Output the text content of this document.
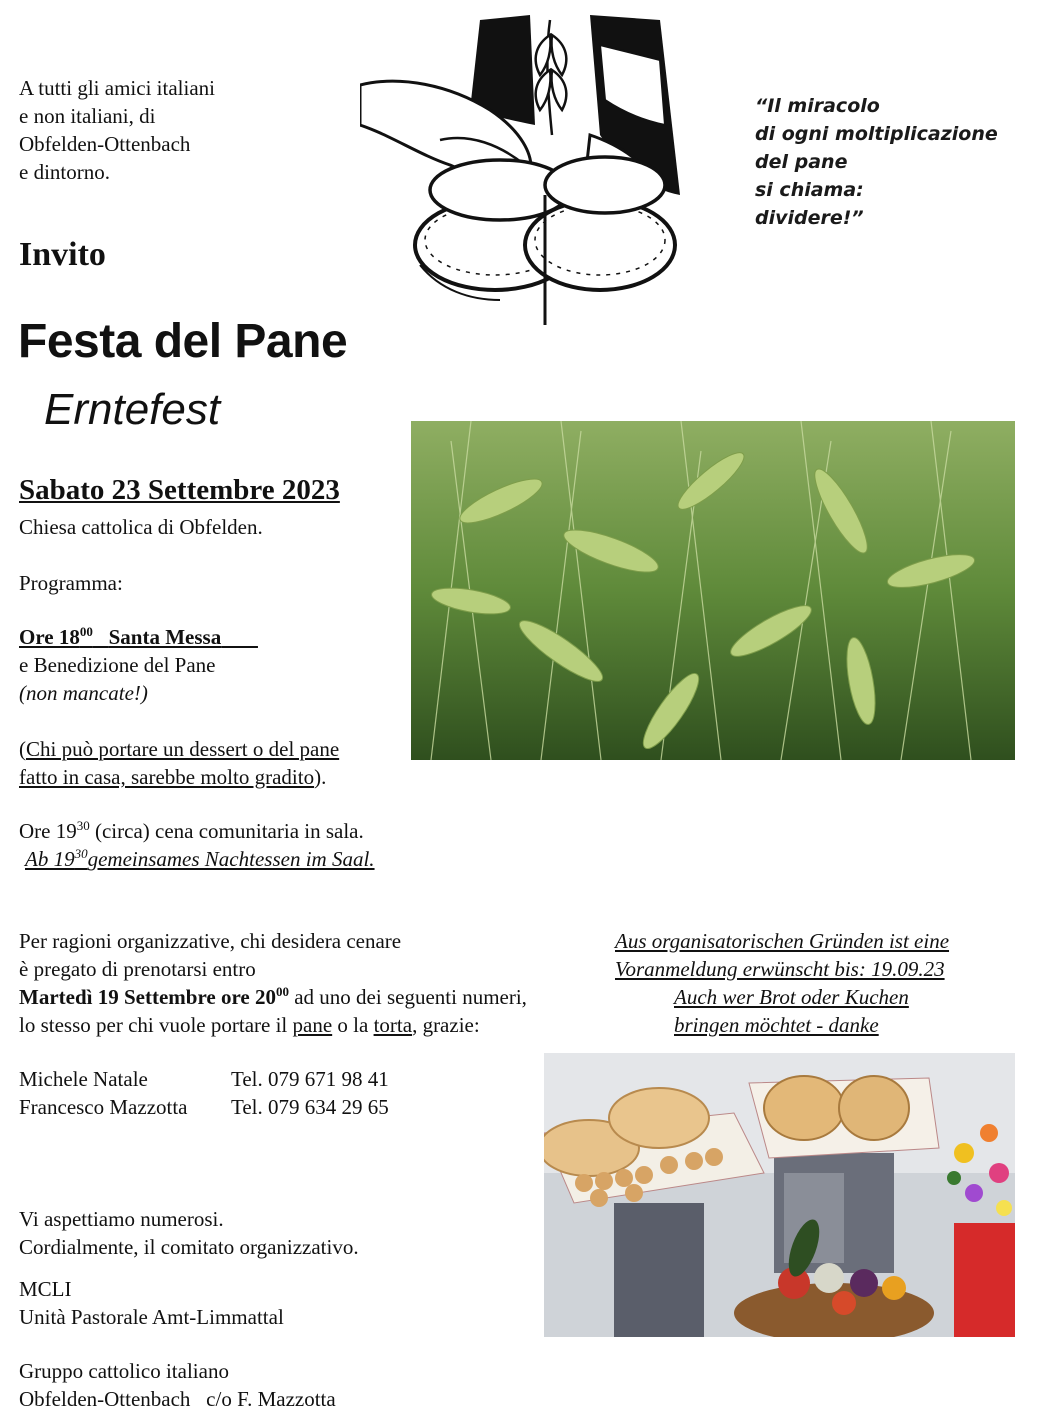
A tutti gli amici italiani
e non italiani, di
Obfelden-Ottenbach
e dintorno.
Invito
Festa del Pane
Erntefest
“Il miracolo
di ogni moltiplicazione
del pane
si chiama:
dividere!”
Sabato 23 Settembre 2023
Chiesa cattolica di Obfelden.
Programma:
Ore $18^{00}$ Santa Messa
e Benedizione del Pane
(non mancate!)
(Chi può portare un dessert o del pane
fatto in casa, sarebbe molto gradito).
Ore $19^{30}$ (circa) cena comunitaria in sala.
Ab $19^{30}gemeinsames$ Nachtessen im Saal.
Per ragioni organizzative, chi desidera cenare
è pregato di prenotarsi entro
Martedì 19 Settembre ore $20^{00}$ ad uno dei seguenti numeri,
lo stesso per chi vuole portare il pane o la torta, grazie:
Aus organisatorischen Gründen ist eine
Voranmeldung erwünscht bis: 19.09.23
Auch wer Brot oder Kuchen
bringen möchtet - danke
Michele Natale	Tel. 079 671 98 41
Francesco Mazzotta Tel. 079 634 29 65
Vi aspettiamo numerosi.
Cordialmente, il comitato organizzativo.
MCLI
Unità Pastorale Amt-Limmattal
Gruppo cattolico italiano
Obfelden-Ottenbach   c/o F. Mazzotta
